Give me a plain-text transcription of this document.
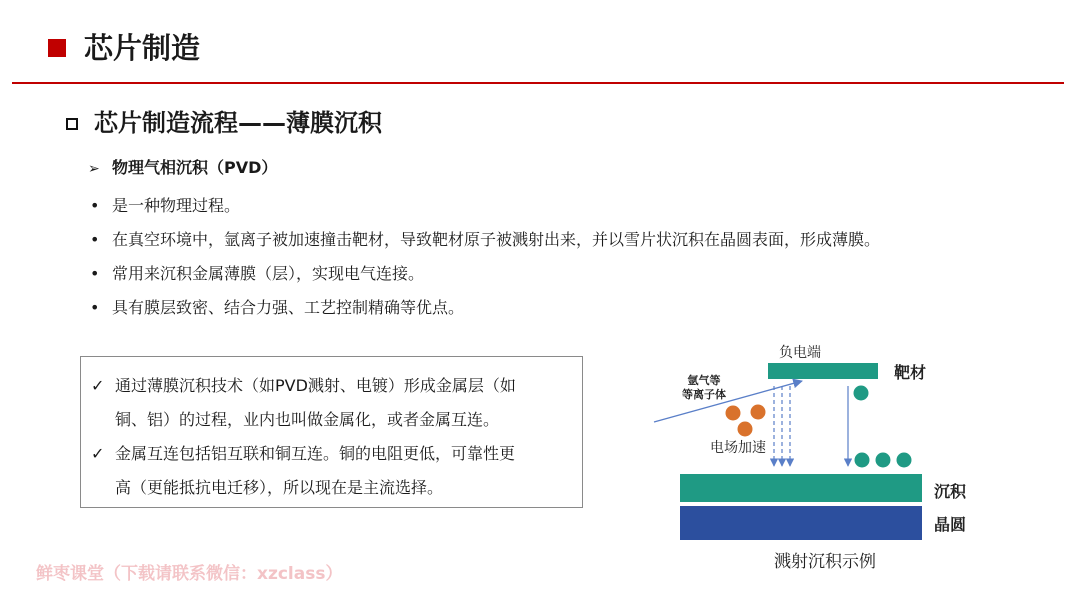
芯片制造
芯片制造流程——薄膜沉积
➢ 物理气相沉积（PVD）
• 是一种物理过程。
• 在真空环境中，氩离子被加速撞击靶材，导致靶材原子被溅射出来，并以雪片状沉积在晶圆表面，形成薄膜。
• 常用来沉积金属薄膜（层），实现电气连接。
• 具有膜层致密、结合力强、工艺控制精确等优点。
✓ 通过薄膜沉积技术（如PVD溅射、电镀）形成金属层（如
铜、铝）的过程，业内也叫做金属化，或者金属互连。
✓ 金属互连包括铝互联和铜互连。铜的电阻更低，可靠性更
高（更能抵抗电迁移），所以现在是主流选择。
负电端
靶材
氩气等
等离子体
电场加速
沉积
晶圆
溅射沉积示例
鲜枣课堂（下载请联系微信：xzclass）
